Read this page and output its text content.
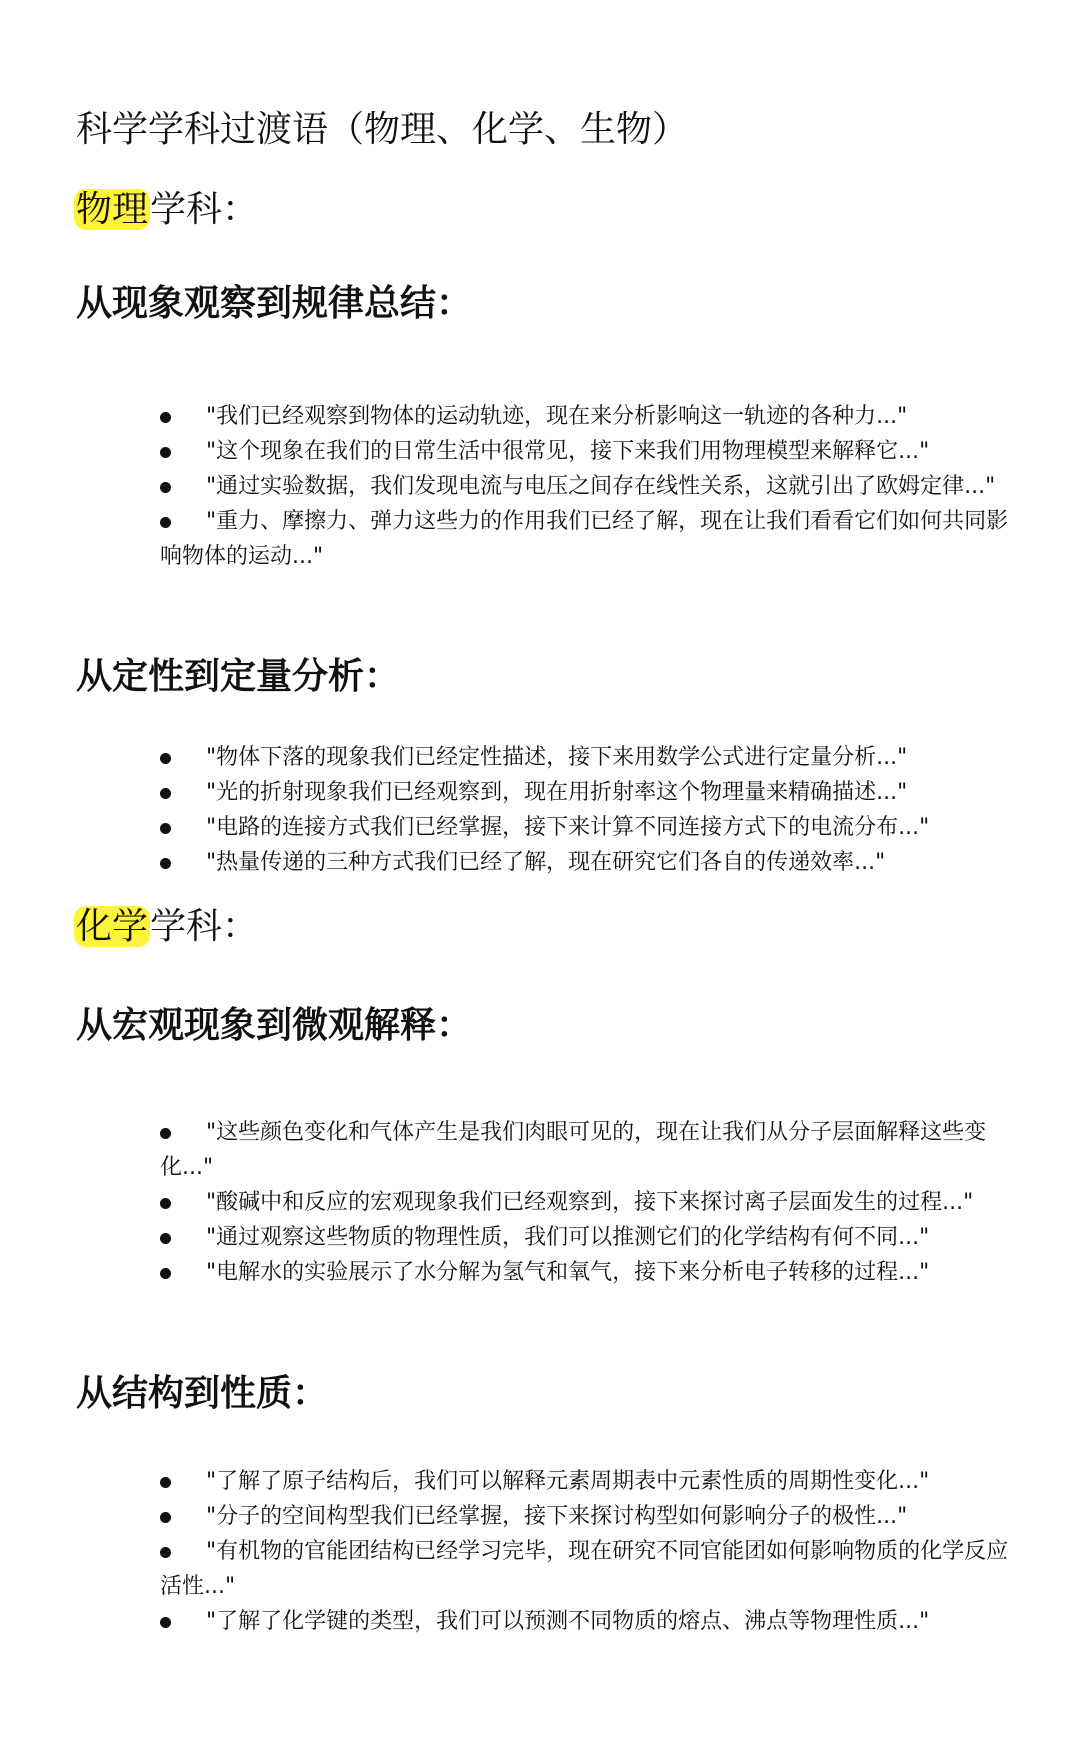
科学学科过渡语（物理、化学、生物）
物理学科：
从现象观察到规律总结：
"我们已经观察到物体的运动轨迹，现在来分析影响这一轨迹的各种力..."
"这个现象在我们的日常生活中很常见，接下来我们用物理模型来解释它..."
"通过实验数据，我们发现电流与电压之间存在线性关系，这就引出了欧姆定律..."
"重力、摩擦力、弹力这些力的作用我们已经了解，现在让我们看看它们如何共同影响物体的运动..."
从定性到定量分析：
"物体下落的现象我们已经定性描述，接下来用数学公式进行定量分析..."
"光的折射现象我们已经观察到，现在用折射率这个物理量来精确描述..."
"电路的连接方式我们已经掌握，接下来计算不同连接方式下的电流分布..."
"热量传递的三种方式我们已经了解，现在研究它们各自的传递效率..."
化学学科：
从宏观现象到微观解释：
"这些颜色变化和气体产生是我们肉眼可见的，现在让我们从分子层面解释这些变化..."
"酸碱中和反应的宏观现象我们已经观察到，接下来探讨离子层面发生的过程..."
"通过观察这些物质的物理性质，我们可以推测它们的化学结构有何不同..."
"电解水的实验展示了水分解为氢气和氧气，接下来分析电子转移的过程..."
从结构到性质：
"了解了原子结构后，我们可以解释元素周期表中元素性质的周期性变化..."
"分子的空间构型我们已经掌握，接下来探讨构型如何影响分子的极性..."
"有机物的官能团结构已经学习完毕，现在研究不同官能团如何影响物质的化学反应活性..."
"了解了化学键的类型，我们可以预测不同物质的熔点、沸点等物理性质..."
